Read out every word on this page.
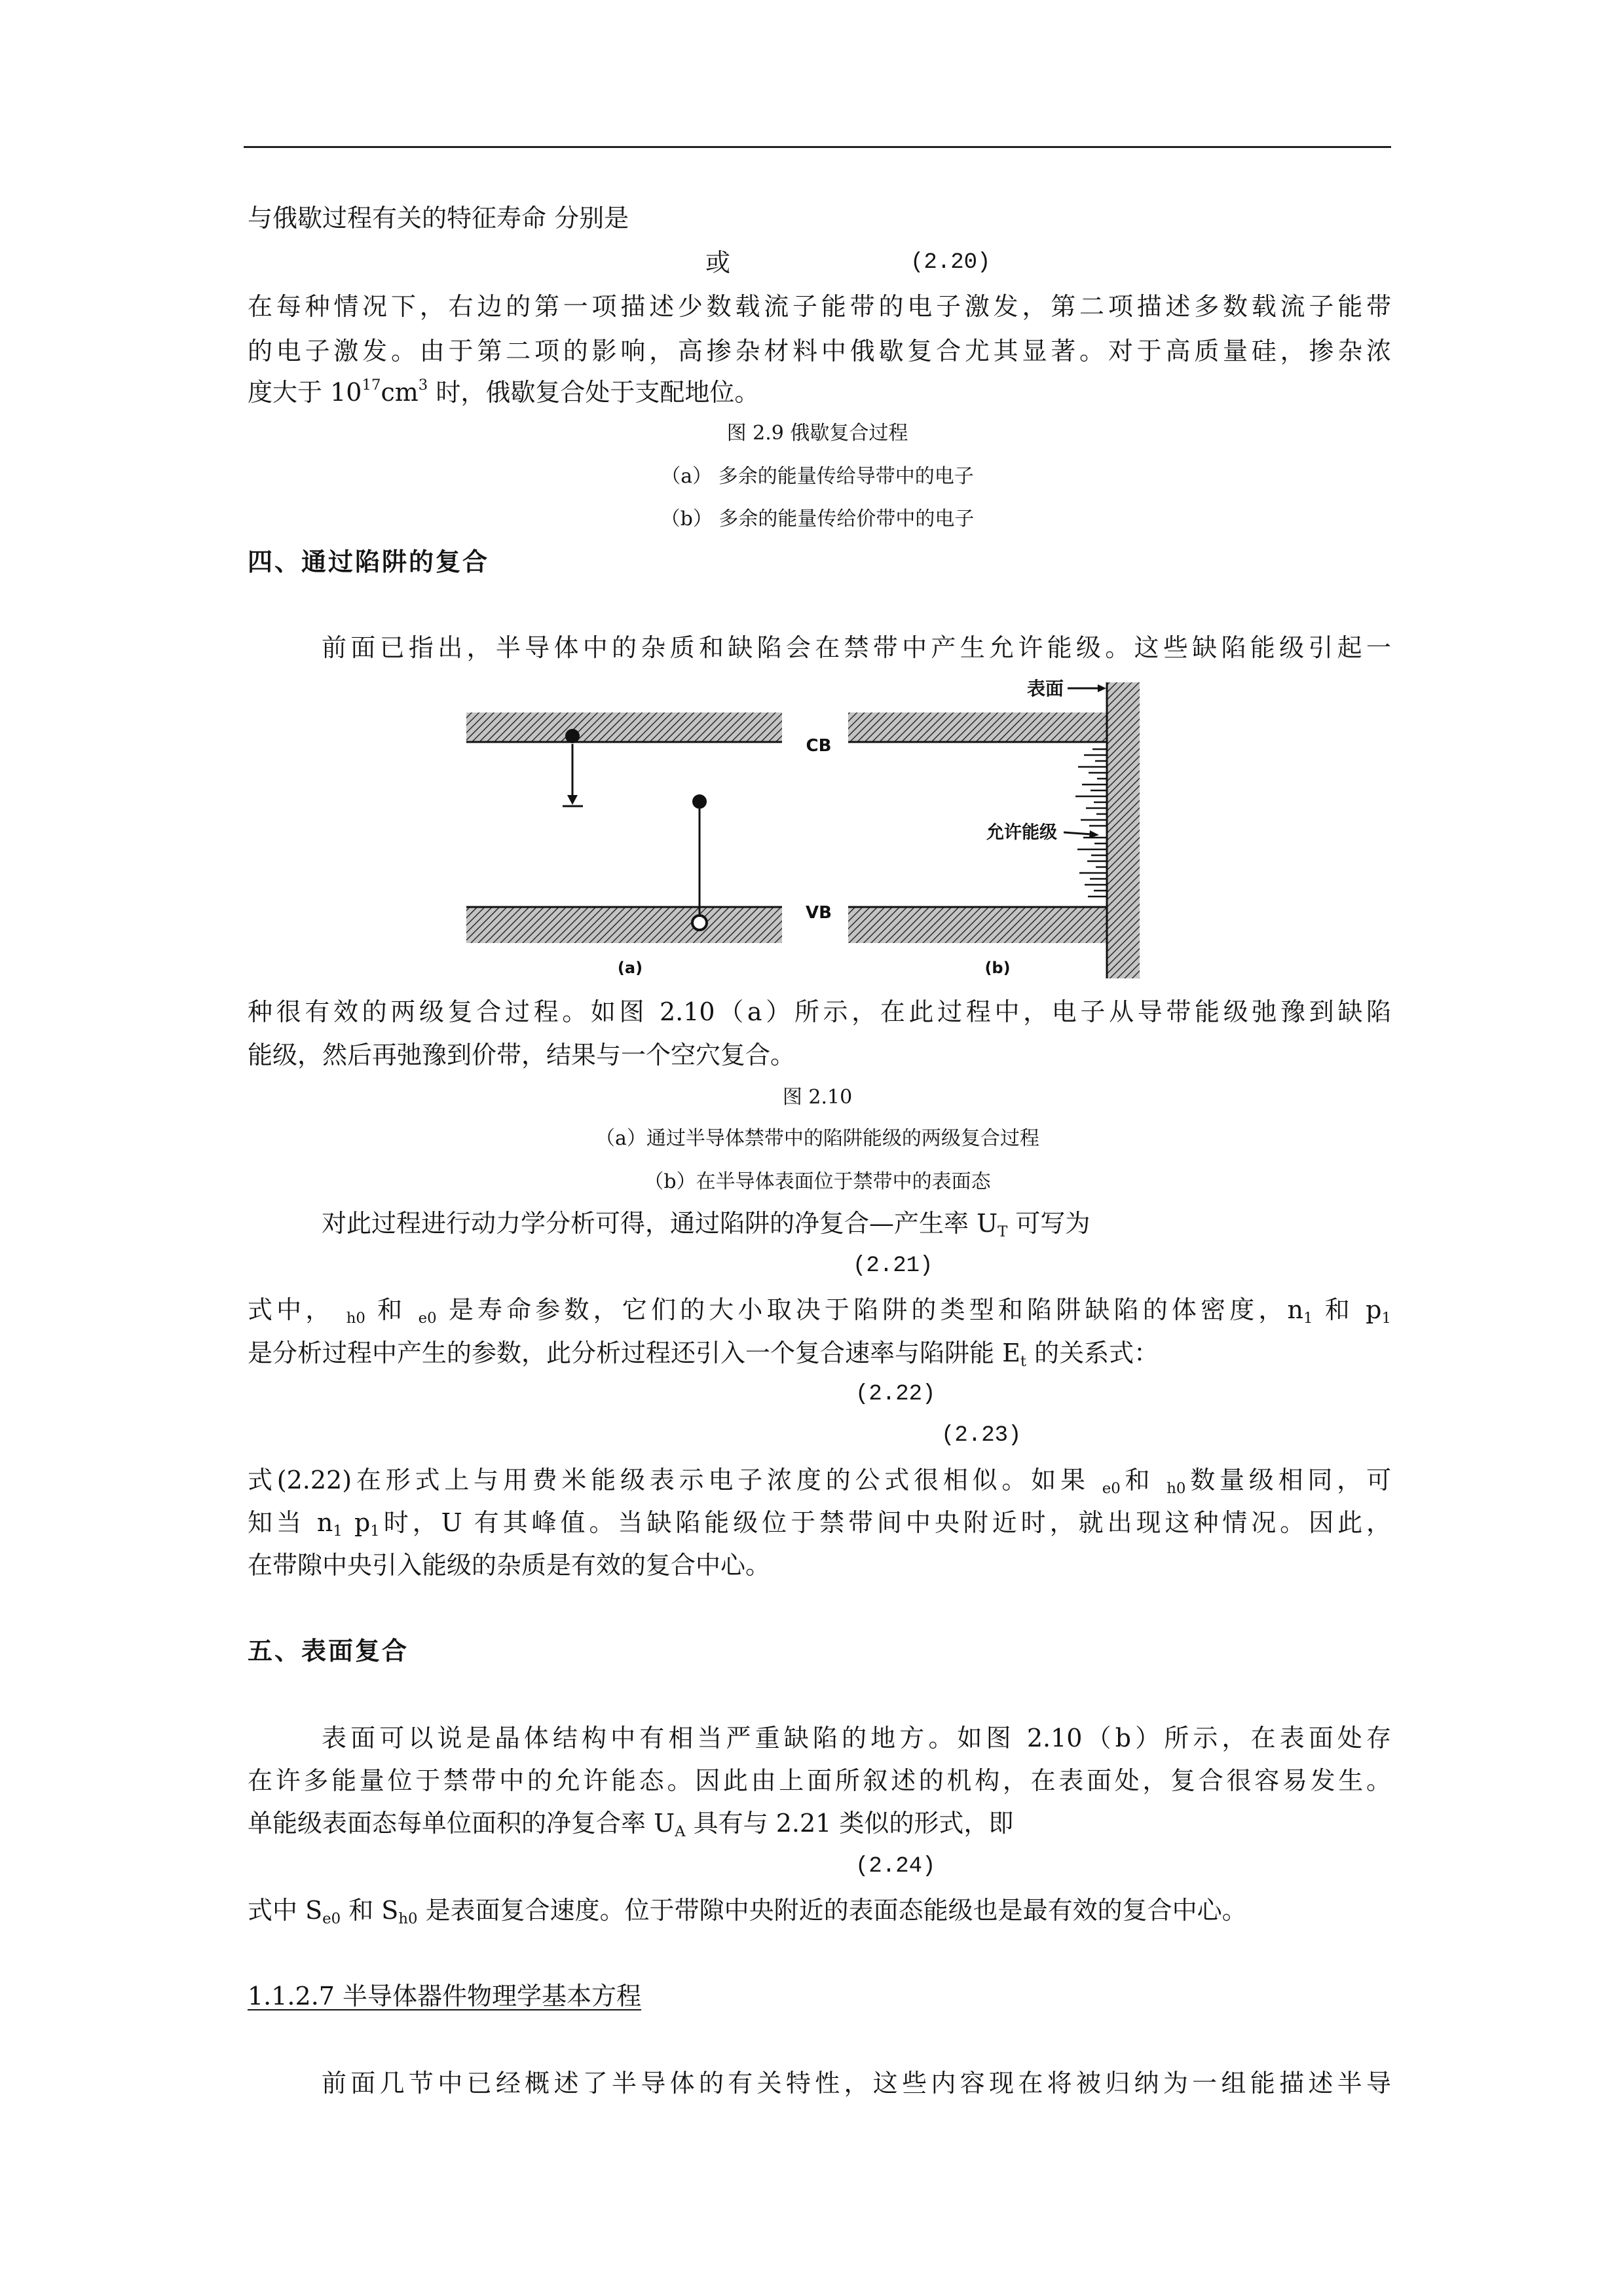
与俄歇过程有关的特征寿命 分别是
或	(2.20)
在每种情况下，右边的第一项描述少数载流子能带的电子激发，第二项描述多数载流子能带
的电子激发。由于第二项的影响，高掺杂材料中俄歇复合尤其显著。对于高质量硅，掺杂浓
度大于 $10^{17}cm^3$ 时，俄歇复合处于支配地位。
图 2.9 俄歇复合过程
（a） 多余的能量传给导带中的电子
（b） 多余的能量传给价带中的电子
四、通过陷阱的复合
前面已指出，半导体中的杂质和缺陷会在禁带中产生允许能级。这些缺陷能级引起一
CB
VB
表面
允许能级
(a)	(b)
种很有效的两级复合过程。如图 2.10（a）所示，在此过程中，电子从导带能级弛豫到缺陷
能级，然后再弛豫到价带，结果与一个空穴复合。
图 2.10
（a）通过半导体禁带中的陷阱能级的两级复合过程
（b）在半导体表面位于禁带中的表面态
对此过程进行动力学分析可得，通过陷阱的净复合—产生率 $U_T$ 可写为
(2.21)
式中， $_{h0}$ 和 $_{e0}$ 是寿命参数，它们的大小取决于陷阱的类型和陷阱缺陷的体密度，$n_1$ 和 $p_1$
是分析过程中产生的参数，此分析过程还引入一个复合速率与陷阱能 $E_t$ 的关系式：
(2.22)
(2.23)
式(2.22)在形式上与用费米能级表示电子浓度的公式很相似。如果 $_{e0}$和 $_{h0}$数量级相同，可
知当 $n_1$ $p_1$时，U 有其峰值。当缺陷能级位于禁带间中央附近时，就出现这种情况。因此，
在带隙中央引入能级的杂质是有效的复合中心。
五、表面复合
表面可以说是晶体结构中有相当严重缺陷的地方。如图 2.10（b）所示，在表面处存
在许多能量位于禁带中的允许能态。因此由上面所叙述的机构，在表面处，复合很容易发生。
单能级表面态每单位面积的净复合率 $U_A$ 具有与 2.21 类似的形式，即
(2.24)
式中 $S_{e0}$ 和 $S_{h0}$ 是表面复合速度。位于带隙中央附近的表面态能级也是最有效的复合中心。
1.1.2.7 半导体器件物理学基本方程
前面几节中已经概述了半导体的有关特性，这些内容现在将被归纳为一组能描述半导
